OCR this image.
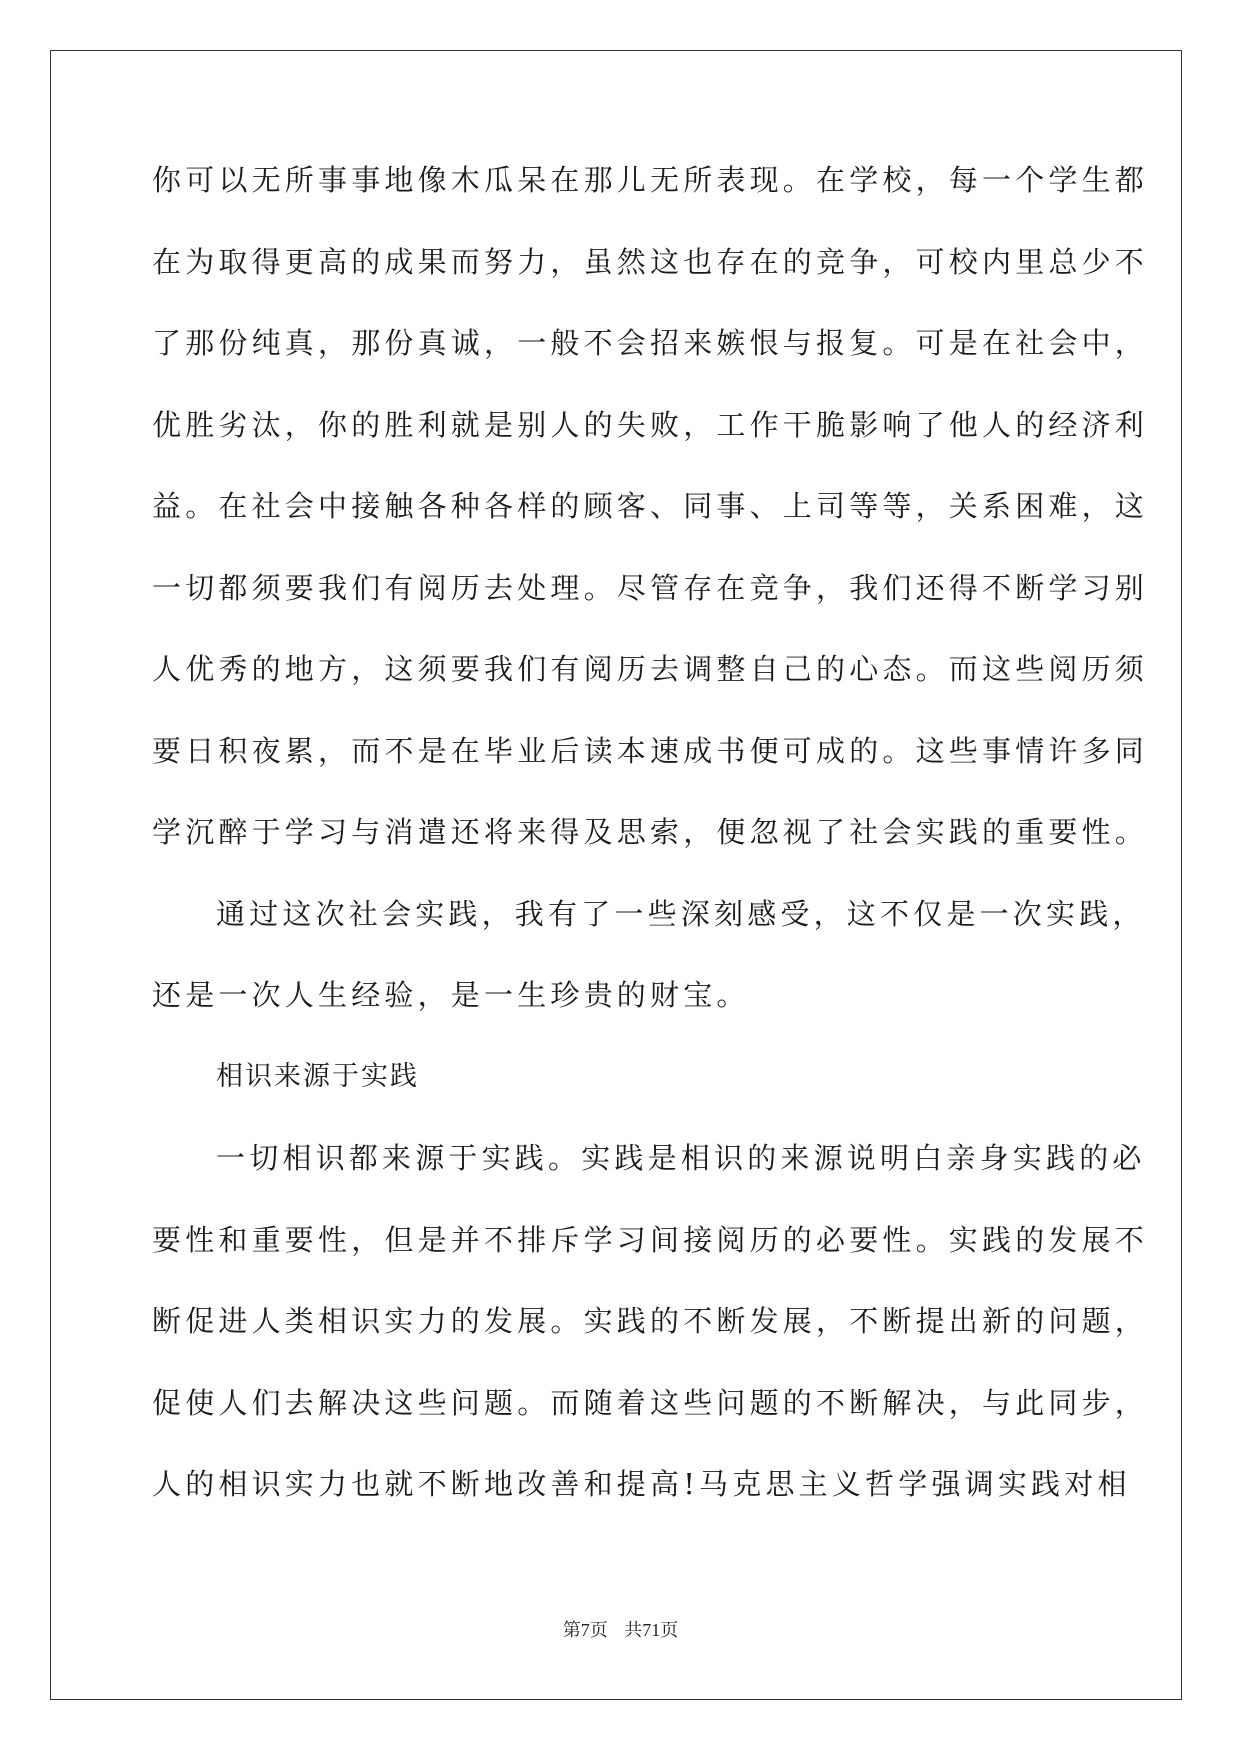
你可以无所事事地像木瓜呆在那儿无所表现。在学校，每一个学生都
在为取得更高的成果而努力，虽然这也存在的竞争，可校内里总少不
了那份纯真，那份真诚，一般不会招来嫉恨与报复。可是在社会中，
优胜劣汰，你的胜利就是别人的失败，工作干脆影响了他人的经济利
益。在社会中接触各种各样的顾客、同事、上司等等，关系困难，这
一切都须要我们有阅历去处理。尽管存在竞争，我们还得不断学习别
人优秀的地方，这须要我们有阅历去调整自己的心态。而这些阅历须
要日积夜累，而不是在毕业后读本速成书便可成的。这些事情许多同
学沉醉于学习与消遣还将来得及思索，便忽视了社会实践的重要性。
通过这次社会实践，我有了一些深刻感受，这不仅是一次实践，
还是一次人生经验，是一生珍贵的财宝。
相识来源于实践
一切相识都来源于实践。实践是相识的来源说明白亲身实践的必
要性和重要性，但是并不排斥学习间接阅历的必要性。实践的发展不
断促进人类相识实力的发展。实践的不断发展，不断提出新的问题，
促使人们去解决这些问题。而随着这些问题的不断解决，与此同步，
人的相识实力也就不断地改善和提高!马克思主义哲学强调实践对相
第7页 共71页
